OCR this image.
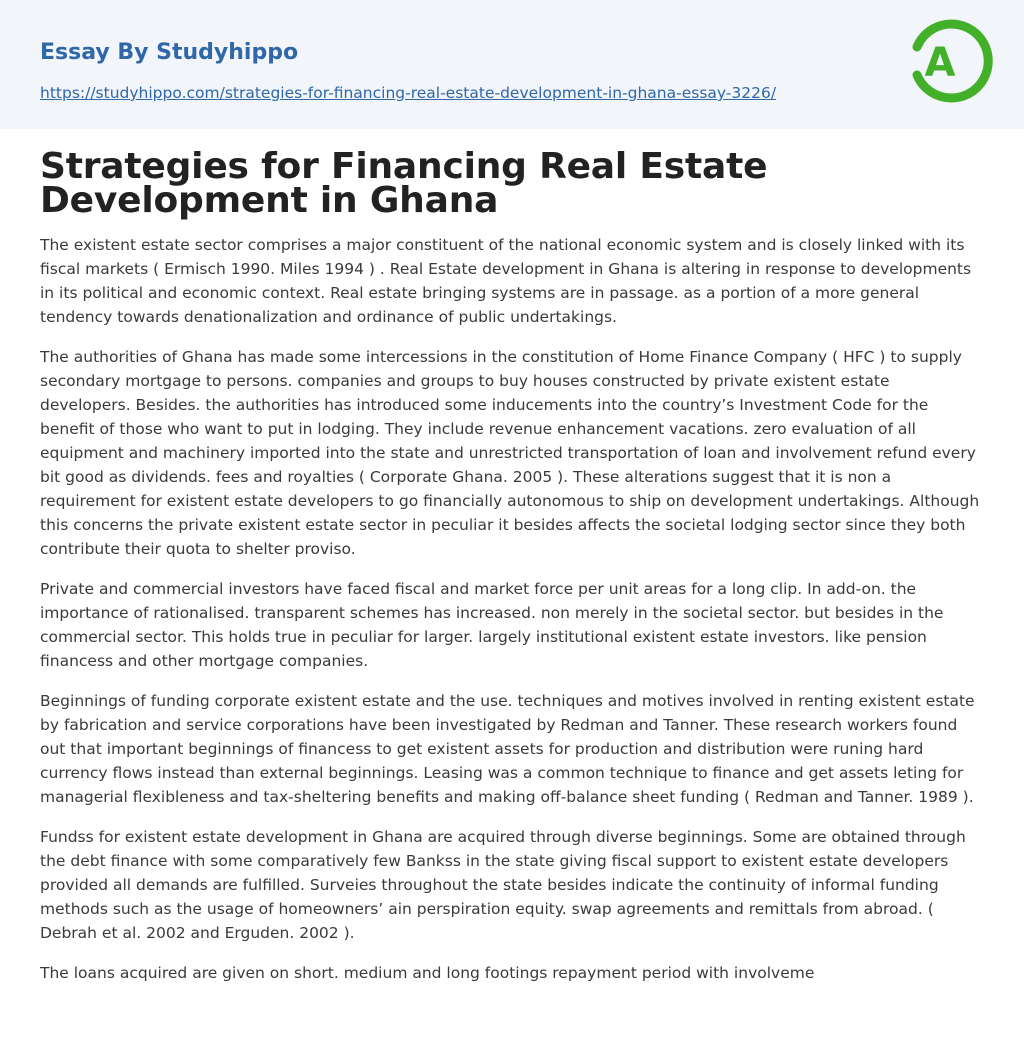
Essay By Studyhippo
https://studyhippo.com/strategies-for-financing-real-estate-development-in-ghana-essay-3226/
A
Strategies for Financing Real Estate Development in Ghana

The existent estate sector comprises a major constituent of the national economic system and is closely linked with its fiscal markets ( Ermisch 1990. Miles 1994 ) . Real Estate development in Ghana is altering in response to developments in its political and economic context. Real estate bringing systems are in passage. as a portion of a more general tendency towards denationalization and ordinance of public undertakings.

The authorities of Ghana has made some intercessions in the constitution of Home Finance Company ( HFC ) to supply secondary mortgage to persons. companies and groups to buy houses constructed by private existent estate developers. Besides. the authorities has introduced some inducements into the country’s Investment Code for the benefit of those who want to put in lodging. They include revenue enhancement vacations. zero evaluation of all equipment and machinery imported into the state and unrestricted transportation of loan and involvement refund every bit good as dividends. fees and royalties ( Corporate Ghana. 2005 ). These alterations suggest that it is non a requirement for existent estate developers to go financially autonomous to ship on development undertakings. Although this concerns the private existent estate sector in peculiar it besides affects the societal lodging sector since they both contribute their quota to shelter proviso.

Private and commercial investors have faced fiscal and market force per unit areas for a long clip. In add-on. the importance of rationalised. transparent schemes has increased. non merely in the societal sector. but besides in the commercial sector. This holds true in peculiar for larger. largely institutional existent estate investors. like pension financess and other mortgage companies.

Beginnings of funding corporate existent estate and the use. techniques and motives involved in renting existent estate by fabrication and service corporations have been investigated by Redman and Tanner. These research workers found out that important beginnings of financess to get existent assets for production and distribution were runing hard currency flows instead than external beginnings. Leasing was a common technique to finance and get assets leting for managerial flexibleness and tax-sheltering benefits and making off-balance sheet funding ( Redman and Tanner. 1989 ).

Fundss for existent estate development in Ghana are acquired through diverse beginnings. Some are obtained through the debt finance with some comparatively few Bankss in the state giving fiscal support to existent estate developers provided all demands are fulfilled. Surveies throughout the state besides indicate the continuity of informal funding methods such as the usage of homeowners’ ain perspiration equity. swap agreements and remittals from abroad. ( Debrah et al. 2002 and Erguden. 2002 ).

The loans acquired are given on short. medium and long footings repayment period with involveme
